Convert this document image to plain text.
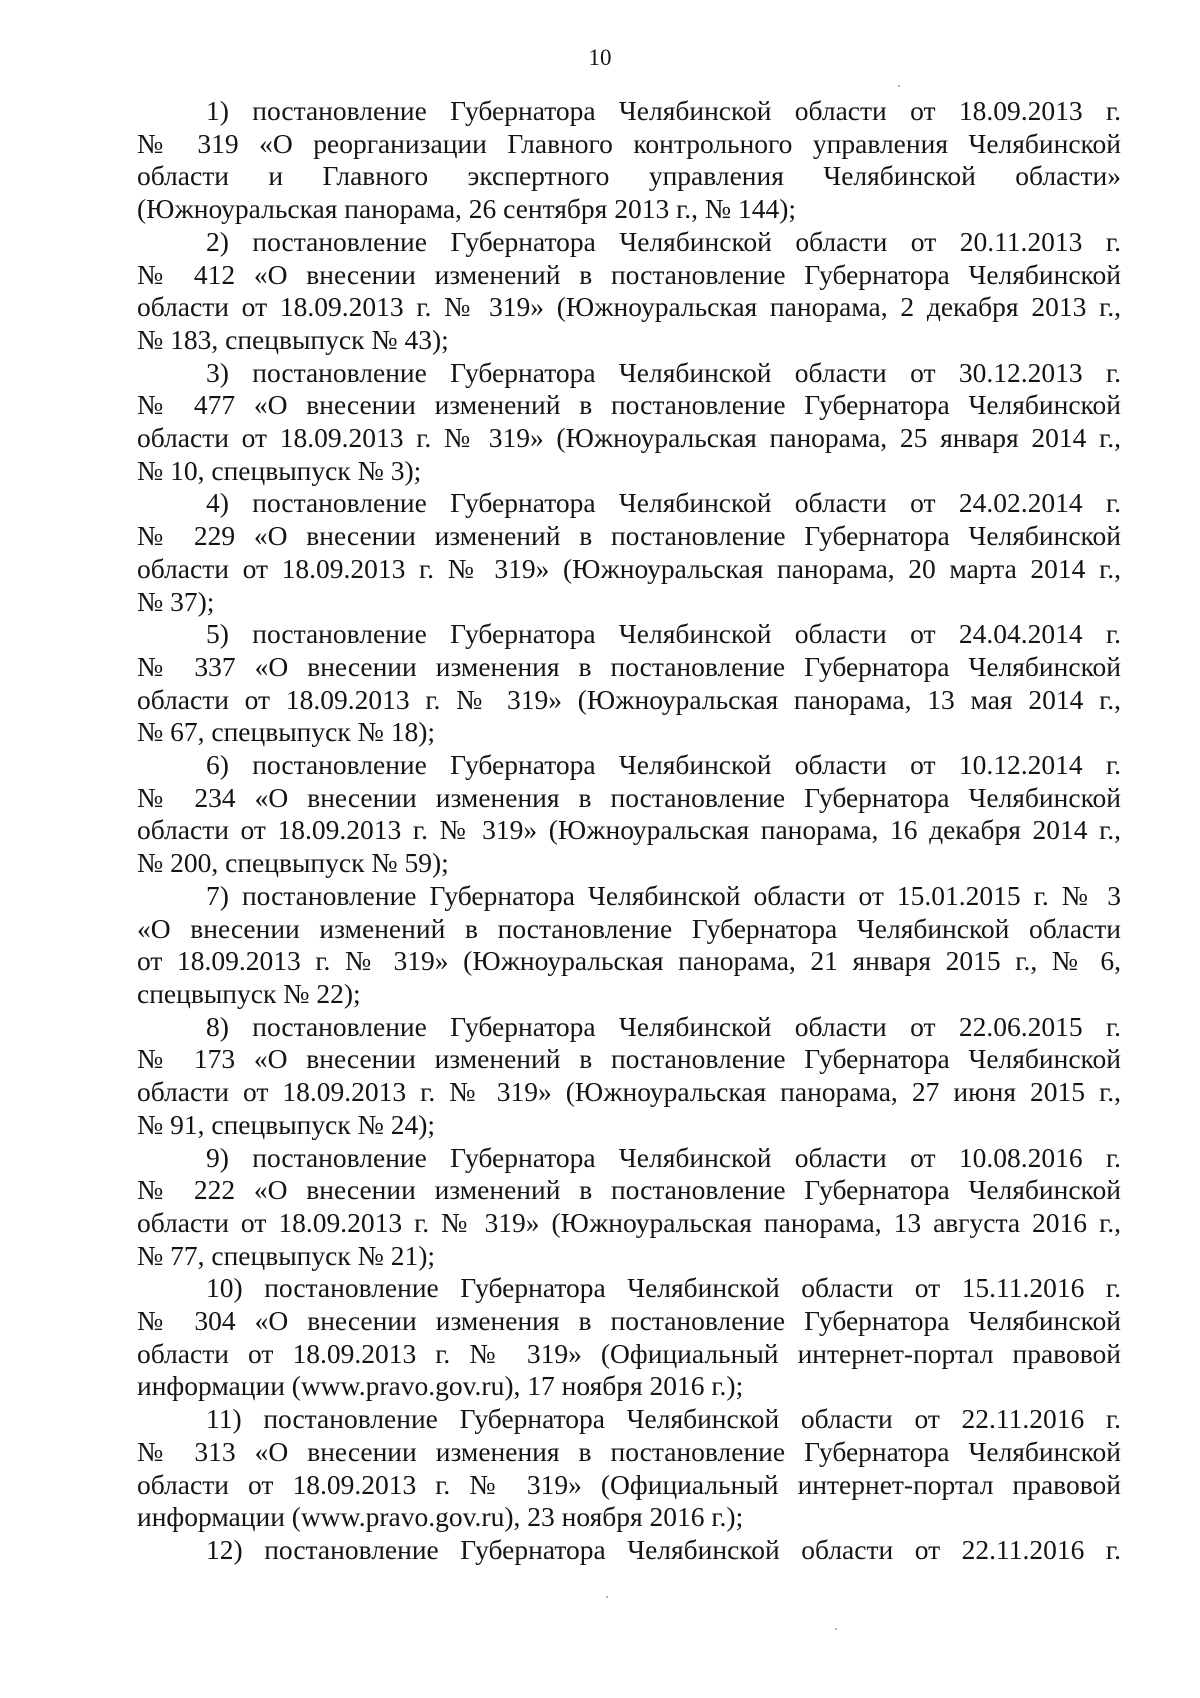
10
1) постановление Губернатора Челябинской области от 18.09.2013 г.
№ 319 «О реорганизации Главного контрольного управления Челябинской
области и Главного экспертного управления Челябинской области»
(Южноуральская панорама, 26 сентября 2013 г., № 144);
2) постановление Губернатора Челябинской области от 20.11.2013 г.
№ 412 «О внесении изменений в постановление Губернатора Челябинской
области от 18.09.2013 г. № 319» (Южноуральская панорама, 2 декабря 2013 г.,
№ 183, спецвыпуск № 43);
3) постановление Губернатора Челябинской области от 30.12.2013 г.
№ 477 «О внесении изменений в постановление Губернатора Челябинской
области от 18.09.2013 г. № 319» (Южноуральская панорама, 25 января 2014 г.,
№ 10, спецвыпуск № 3);
4) постановление Губернатора Челябинской области от 24.02.2014 г.
№ 229 «О внесении изменений в постановление Губернатора Челябинской
области от 18.09.2013 г. № 319» (Южноуральская панорама, 20 марта 2014 г.,
№ 37);
5) постановление Губернатора Челябинской области от 24.04.2014 г.
№ 337 «О внесении изменения в постановление Губернатора Челябинской
области от 18.09.2013 г. № 319» (Южноуральская панорама, 13 мая 2014 г.,
№ 67, спецвыпуск № 18);
6) постановление Губернатора Челябинской области от 10.12.2014 г.
№ 234 «О внесении изменения в постановление Губернатора Челябинской
области от 18.09.2013 г. № 319» (Южноуральская панорама, 16 декабря 2014 г.,
№ 200, спецвыпуск № 59);
7) постановление Губернатора Челябинской области от 15.01.2015 г. № 3
«О внесении изменений в постановление Губернатора Челябинской области
от 18.09.2013 г. № 319» (Южноуральская панорама, 21 января 2015 г., № 6,
спецвыпуск № 22);
8) постановление Губернатора Челябинской области от 22.06.2015 г.
№ 173 «О внесении изменений в постановление Губернатора Челябинской
области от 18.09.2013 г. № 319» (Южноуральская панорама, 27 июня 2015 г.,
№ 91, спецвыпуск № 24);
9) постановление Губернатора Челябинской области от 10.08.2016 г.
№ 222 «О внесении изменений в постановление Губернатора Челябинской
области от 18.09.2013 г. № 319» (Южноуральская панорама, 13 августа 2016 г.,
№ 77, спецвыпуск № 21);
10) постановление Губернатора Челябинской области от 15.11.2016 г.
№ 304 «О внесении изменения в постановление Губернатора Челябинской
области от 18.09.2013 г. № 319» (Официальный интернет-портал правовой
информации (www.pravo.gov.ru), 17 ноября 2016 г.);
11) постановление Губернатора Челябинской области от 22.11.2016 г.
№ 313 «О внесении изменения в постановление Губернатора Челябинской
области от 18.09.2013 г. № 319» (Официальный интернет-портал правовой
информации (www.pravo.gov.ru), 23 ноября 2016 г.);
12) постановление Губернатора Челябинской области от 22.11.2016 г.
